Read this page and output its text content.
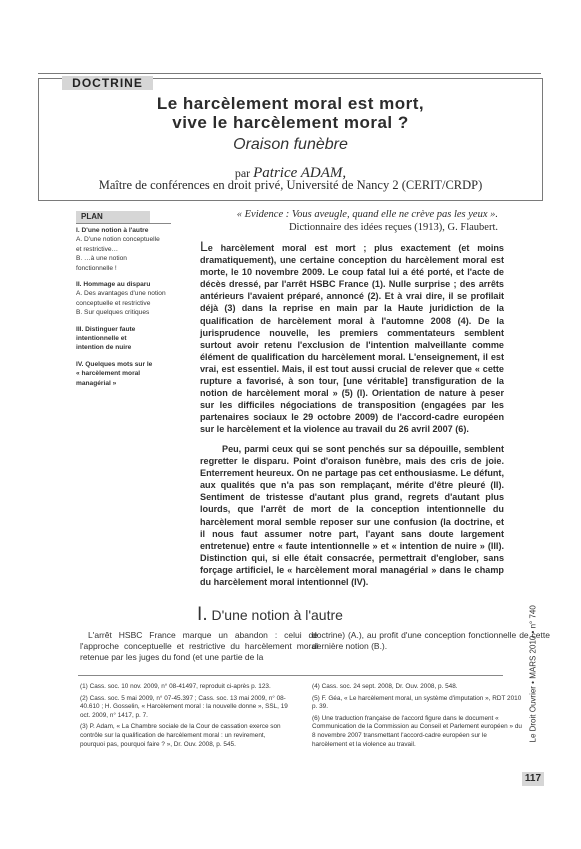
DOCTRINE
Le harcèlement moral est mort,
vive le harcèlement moral ?
Oraison funèbre
par Patrice ADAM,
Maître de conférences en droit privé, Université de Nancy 2 (CERIT/CRDP)
PLAN
I. D'une notion à l'autre
A. D'une notion conceptuelle
et restrictive…
B. …à une notion
fonctionnelle !
II. Hommage au disparu
A. Des avantages d'une notion
conceptuelle et restrictive
B. Sur quelques critiques
III. Distinguer faute
intentionnelle et
intention de nuire
IV. Quelques mots sur le
« harcèlement moral
managérial »
« Evidence : Vous aveugle, quand elle ne crève pas les yeux ».
Dictionnaire des idées reçues (1913), G. Flaubert.
Le harcèlement moral est mort ; plus exactement (et moins dramatiquement), une certaine conception du harcèlement moral est morte, le 10 novembre 2009. Le coup fatal lui a été porté, et l'acte de décès dressé, par l'arrêt HSBC France (1). Nulle surprise ; des arrêts antérieurs l'avaient préparé, annoncé (2). Et à vrai dire, il se profilait déjà (3) dans la reprise en main par la Haute juridiction de la qualification de harcèlement moral à l'automne 2008 (4). De la jurisprudence nouvelle, les premiers commentateurs semblent surtout avoir retenu l'exclusion de l'intention malveillante comme élément de qualification du harcèlement moral. L'enseignement, il est vrai, est essentiel. Mais, il est tout aussi crucial de relever que « cette rupture a favorisé, à son tour, [une véritable] transfiguration de la notion de harcèlement moral » (5) (I). Orientation de nature à peser sur les difficiles négociations de transposition (engagées par les partenaires sociaux le 29 octobre 2009) de l'accord-cadre européen sur le harcèlement et la violence au travail du 26 avril 2007 (6).
Peu, parmi ceux qui se sont penchés sur sa dépouille, semblent regretter le disparu. Point d'oraison funèbre, mais des cris de joie. Enterrement heureux. On ne partage pas cet enthousiasme. Le défunt, aux qualités que n'a pas son remplaçant, mérite d'être pleuré (II). Sentiment de tristesse d'autant plus grand, regrets d'autant plus lourds, que l'arrêt de mort de la conception intentionnelle du harcèlement moral semble reposer sur une confusion (la doctrine, et il nous faut assumer notre part, l'ayant sans doute largement entretenue) entre « faute intentionnelle » et « intention de nuire » (III). Distinction qui, si elle était consacrée, permettrait d'englober, sans forçage artificiel, le « harcèlement moral managérial » dans le champ du harcèlement moral intentionnel (IV).
I. D'une notion à l'autre
L'arrêt HSBC France marque un abandon : celui de l'approche conceptuelle et restrictive du harcèlement moral retenue par les juges du fond (et une partie de la
doctrine) (A.), au profit d'une conception fonctionnelle de cette dernière notion (B.).

(1) Cass. soc. 10 nov. 2009, n° 08-41497, reproduit ci-après p. 123.

(2) Cass. soc. 5 mai 2009, n° 07-45.397 ; Cass. soc. 13 mai 2009, n° 08-40.610 ; H. Gosselin, « Harcèlement moral : la nouvelle donne », SSL, 19 oct. 2009, n° 1417, p. 7.

(3) P. Adam, « La Chambre sociale de la Cour de cassation exerce son contrôle sur la qualification de harcèlement moral : un revirement, pourquoi pas, pourquoi faire ? », Dr. Ouv. 2008, p. 545.

(4) Cass. soc. 24 sept. 2008, Dr. Ouv. 2008, p. 548.

(5) F. Géa, « Le harcèlement moral, un système d'imputation », RDT 2010 p. 39.

(6) Une traduction française de l'accord figure dans le document « Communication de la Commission au Conseil et Parlement européen » du 8 novembre 2007 transmettant l'accord-cadre européen sur le harcèlement et la violence au travail.

Le Droit Ouvrier • MARS 2010 • n° 740
117
